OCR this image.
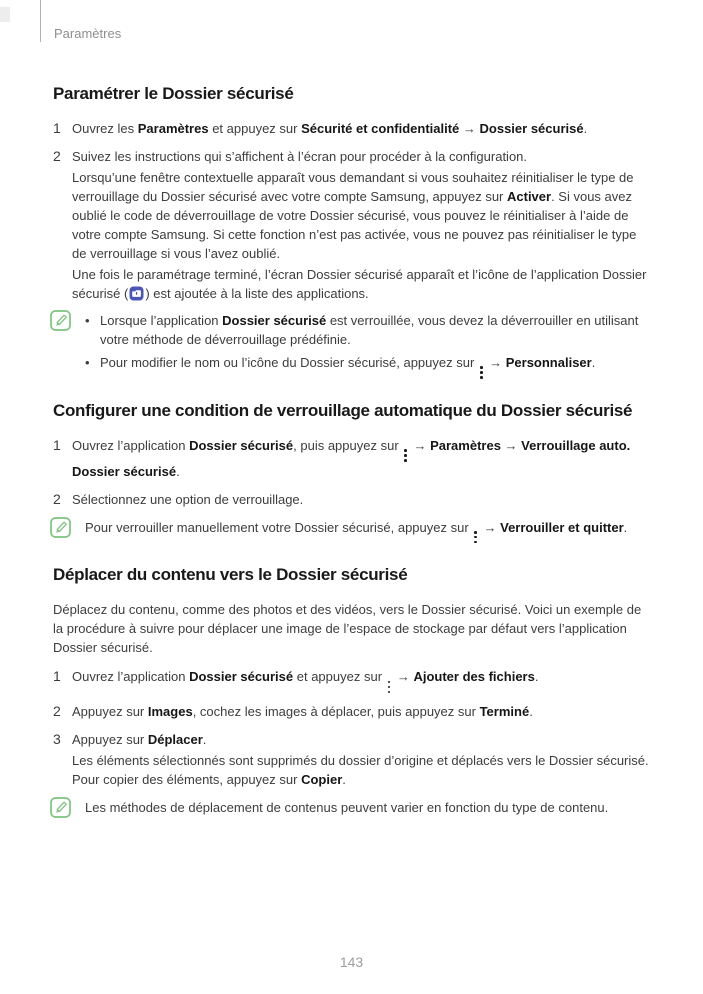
Paramètres
Paramétrer le Dossier sécurisé
1 Ouvrez les Paramètres et appuyez sur Sécurité et confidentialité → Dossier sécurisé.
2 Suivez les instructions qui s’affichent à l’écran pour procéder à la configuration.

Lorsqu’une fenêtre contextuelle apparaît vous demandant si vous souhaitez réinitialiser le type de verrouillage du Dossier sécurisé avec votre compte Samsung, appuyez sur Activer. Si vous avez oublié le code de déverrouillage de votre Dossier sécurisé, vous pouvez le réinitialiser à l’aide de votre compte Samsung. Si cette fonction n’est pas activée, vous ne pouvez pas réinitialiser le type de verrouillage si vous l’avez oublié.

Une fois le paramétrage terminé, l’écran Dossier sécurisé apparaît et l’icône de l’application Dossier sécurisé ( ) est ajoutée à la liste des applications.

• Lorsque l’application Dossier sécurisé est verrouillée, vous devez la déverrouiller en utilisant votre méthode de déverrouillage prédéfinie.
• Pour modifier le nom ou l’icône du Dossier sécurisé, appuyez sur
→ Personnaliser.
Configurer une condition de verrouillage automatique du Dossier sécurisé
1 Ouvrez l’application Dossier sécurisé, puis appuyez sur
→ Paramètres → Verrouillage auto. Dossier sécurisé.
2 Sélectionnez une option de verrouillage.
Pour verrouiller manuellement votre Dossier sécurisé, appuyez sur
→ Verrouiller et quitter.
Déplacer du contenu vers le Dossier sécurisé

Déplacez du contenu, comme des photos et des vidéos, vers le Dossier sécurisé. Voici un exemple de la procédure à suivre pour déplacer une image de l’espace de stockage par défaut vers l’application Dossier sécurisé.

1 Ouvrez l’application Dossier sécurisé et appuyez sur
→ Ajouter des fichiers.
2 Appuyez sur Images, cochez les images à déplacer, puis appuyez sur Terminé.
3 Appuyez sur Déplacer.

Les éléments sélectionnés sont supprimés du dossier d’origine et déplacés vers le Dossier sécurisé. Pour copier des éléments, appuyez sur Copier.

Les méthodes de déplacement de contenus peuvent varier en fonction du type de contenu.
143
